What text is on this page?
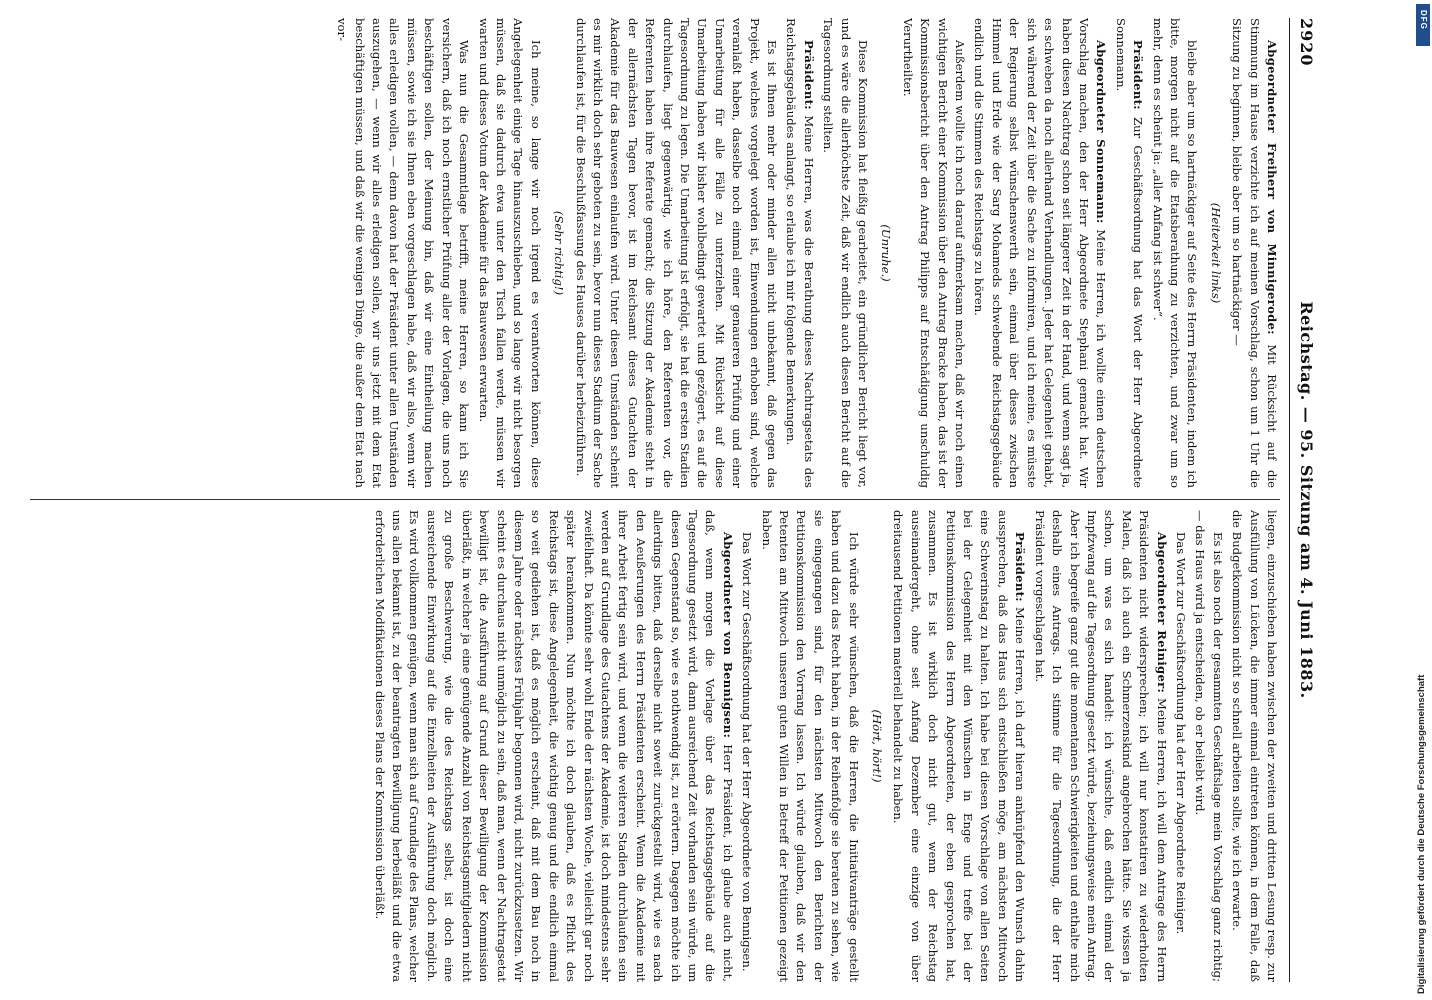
2920
Reichstag. — 95. Sitzung am 4. Juni 1883.

Abgeordneter Freiherr von Minnigerode: Mit Rücksicht auf die Stimmung im Hause verzichte ich auf meinen Vorschlag, schon um 1 Uhr die Sitzung zu beginnen, bleibe aber um so hartnäckiger —

(Heiterkeit links)

bleibe aber um so hartnäckiger auf Seite des Herrn Präsidenten, indem ich bitte, morgen nicht auf die Etatsberathung zu verzichten, und zwar um so mehr, denn es scheint ja: „aller Anfang ist schwer“.

Präsident: Zur Geschäftsordnung hat das Wort der Herr Abgeordnete Sonnemann.

Abgeordneter Sonnemann: Meine Herren, ich wollte einen deutschen Vorschlag machen, den der Herr Abgeordnete Stephani gemacht hat. Wir haben diesen Nachtrag schon seit längerer Zeit in der Hand, und wenn sagt ja, es schweben da noch allerhand Verhandlungen. Jeder hat Gelegenheit gehabt, sich während der Zeit über die Sache zu informiren, und ich meine, es müsste der Regierung selbst wünschenswerth sein, einmal über dieses zwischen Himmel und Erde wie der Sarg Mohameds schwebende Reichstagsgebäude endlich und die Stimmen des Reichstags zu hören.

Außerdem wollte ich noch darauf aufmerksam machen, daß wir noch einen wichtigen Bericht einer Kommission über den Antrag Bracke haben, das ist der Kommissionsbericht über den Antrag Philipps auf Entschädigung unschuldig Verurtheilter.

(Unruhe.)

Diese Kommission hat fleißig gearbeitet, ein gründlicher Bericht liegt vor, und es wäre die allerhöchste Zeit, daß wir endlich auch diesen Bericht auf die Tagesordnung stellten.

Präsident: Meine Herren, was die Berathung dieses Nachtragsetats des Reichstagsgebäudes anlangt, so erlaube ich mir folgende Bemerkungen.

Es ist Ihnen mehr oder minder allen nicht unbekannt, daß gegen das Projekt, welches vorgelegt worden ist, Einwendungen erhoben sind, welche veranlaßt haben, dasselbe noch einmal einer genaueren Prüfung und einer Umarbeitung für alle Fälle zu unterziehen. Mit Rücksicht auf diese Umarbeitung haben wir bisher wohlbedingt gewartet und gezögert, es auf die Tagesordnung zu legen. Die Umarbeitung ist erfolgt, sie hat die ersten Stadien durchlaufen, liegt gegenwärtig, wie ich höre, den Referenten vor, die Referenten haben ihre Referate gemacht; die Sitzung der Akademie steht in der allernächsten Tagen bevor, ist im Reichsamt dieses Gutachten der Akademie für das Bauwesen einlaufen wird. Unter diesen Umständen scheint es mir wirklich doch sehr geboten zu sein, bevor nun dieses Stadium der Sache durchlaufen ist, für die Beschlußfassung des Hauses darüber herbeizuführen.

(Sehr richtig!)

Ich meine, so lange wir noch irgend es verantworten können, diese Angelegenheit einige Tage hinauszuschieben, und so lange wir nicht besorgen müssen, daß sie dadurch etwa unter den Tisch fallen werde, müssen wir warten und dieses Votum der Akademie für das Bauwesen erwarten.

Was nun die Gesammtlage betrifft, meine Herren, so kann ich Sie versichern, daß ich noch ernstlicher Prüfung aller der Vorlagen, die uns noch beschäftigen sollen, der Meinung bin, daß wir eine Eintheilung machen müssen, sowie ich sie Ihnen eben vorgeschlagen habe, daß wir also, wenn wir alles erledigen wollen, — denn davon hat der Präsident unter allen Umständen auszugehen, — wenn wir alles erledigen sollen, wir uns jetzt mit dem Etat beschäftigen müssen, und daß wir die wenigen Dinge, die außer dem Etat nach vor-

liegen, einzuschieben haben zwischen der zweiten und dritten Lesung resp. zur Ausfüllung von Lücken, die immer einmal eintreten können, in dem Falle, daß die Budgetkommission nicht so schnell arbeiten sollte, wie ich erwarte.

Es ist also noch der gesammten Geschäftslage mein Vorschlag ganz richtig; — das Haus wird ja entscheiden, ob er beliebt wird.

Das Wort zur Geschäftsordnung hat der Herr Abgeordnete Reiniger.

Abgeordneter Reiniger: Meine Herren, ich will dem Antrage des Herrn Präsidenten nicht widersprechen; ich will nur konstatiren zu wiederholten Malen, daß ich auch ein Schmerzenskind angebrochen hätte. Sie wissen ja schon, um was es sich handelt: ich wünschte, daß endlich einmal der Impfzwang auf die Tagesordnung gesetzt würde, beziehungsweise mein Antrag. Aber ich begreife ganz gut die momentanen Schwierigkeiten und enthalte mich deshalb eines Antrags. Ich stimme für die Tagesordnung, die der Herr Präsident vorgeschlagen hat.

Präsident: Meine Herren, ich darf hieran anknüpfend den Wunsch dahin aussprechen, daß das Haus sich entschließen möge, am nächsten Mittwoch eine Schwerinstag zu halten. Ich habe bei diesen Vorschlage von allen Seiten bei der Gelegenheit mit den Wünschen in Enge und treffe bei der Petitionskommission des Herrn Abgeordneten, der eben gesprochen hat, zusammen. Es ist wirklich doch nicht gut, wenn der Reichstag auseinandergeht, ohne seit Anfang Dezember eine einzige von über dreitausend Petitionen materiell behandelt zu haben.

(Hört, hört!)

Ich würde sehr wünschen, daß die Herren, die Initiativanträge gestellt haben und dazu das Recht haben, in der Reihenfolge sie beraten zu sehen, wie sie eingegangen sind, für den nächsten Mittwoch den Berichten der Petitionskommission den Vorrang lassen. Ich würde glauben, daß wir den Petenten am Mittwoch unseren guten Willen in Betreff der Petitionen gezeigt haben.

Das Wort zur Geschäftsordnung hat der Herr Abgeordnete von Bennigsen.

Abgeordneter von Bennigsen: Herr Präsident, ich glaube auch nicht, daß, wenn morgen die Vorlage über das Reichstagsgebäude auf die Tagesordnung gesetzt wird, dann ausreichend Zeit vorhanden sein würde, um diesen Gegenstand so, wie es nothwendig ist, zu erörtern. Dagegen möchte ich allerdings bitten, daß derselbe nicht soweit zurückgestellt wird, wie es nach den Aeußerungen des Herrn Präsidenten erscheint. Wenn die Akademie mit ihrer Arbeit fertig sein wird, und wenn die weiteren Stadien durchlaufen sein werden auf Grundlage des Gutachtens der Akademie, ist doch mindestens sehr zweifelhaft. Da könnte sehr wohl Ende der nächsten Woche, vielleicht gar noch später herankommen. Nun möchte ich doch glauben, daß es Pflicht des Reichstags ist, diese Angelegenheit, die wichtig genug und die endlich einmal so weit gediehen ist, daß es möglich erscheint, daß mit dem Bau noch in diesem Jahre oder nächstes Frühjahr begonnen wird, nicht zurückzusetzen. Wir scheint es durchaus nicht unmöglich zu sein, daß man, wenn der Nachtragsetat bewilligt ist, die Ausführung auf Grund dieser Bewilligung der Kommission überläßt, in welcher ja eine genügende Anzahl von Reichstagsmitgliedern nicht zu große Beschwerung, wie die des Reichstags selbst, ist doch eine ausreichende Einwirkung auf die Einzelheiten der Ausführung doch möglich. Es wird vollkommen genügen, wenn man sich auf Grundlage des Plans, welcher uns allen bekannt ist, zu der beantragten Bewilligung herbeiläßt und die etwa erforderlichen Modifikationen dieses Plans der Kommission überläßt.

DFG
Digitalisierung gefördert durch die Deutsche Forschungsgemeinschaft
